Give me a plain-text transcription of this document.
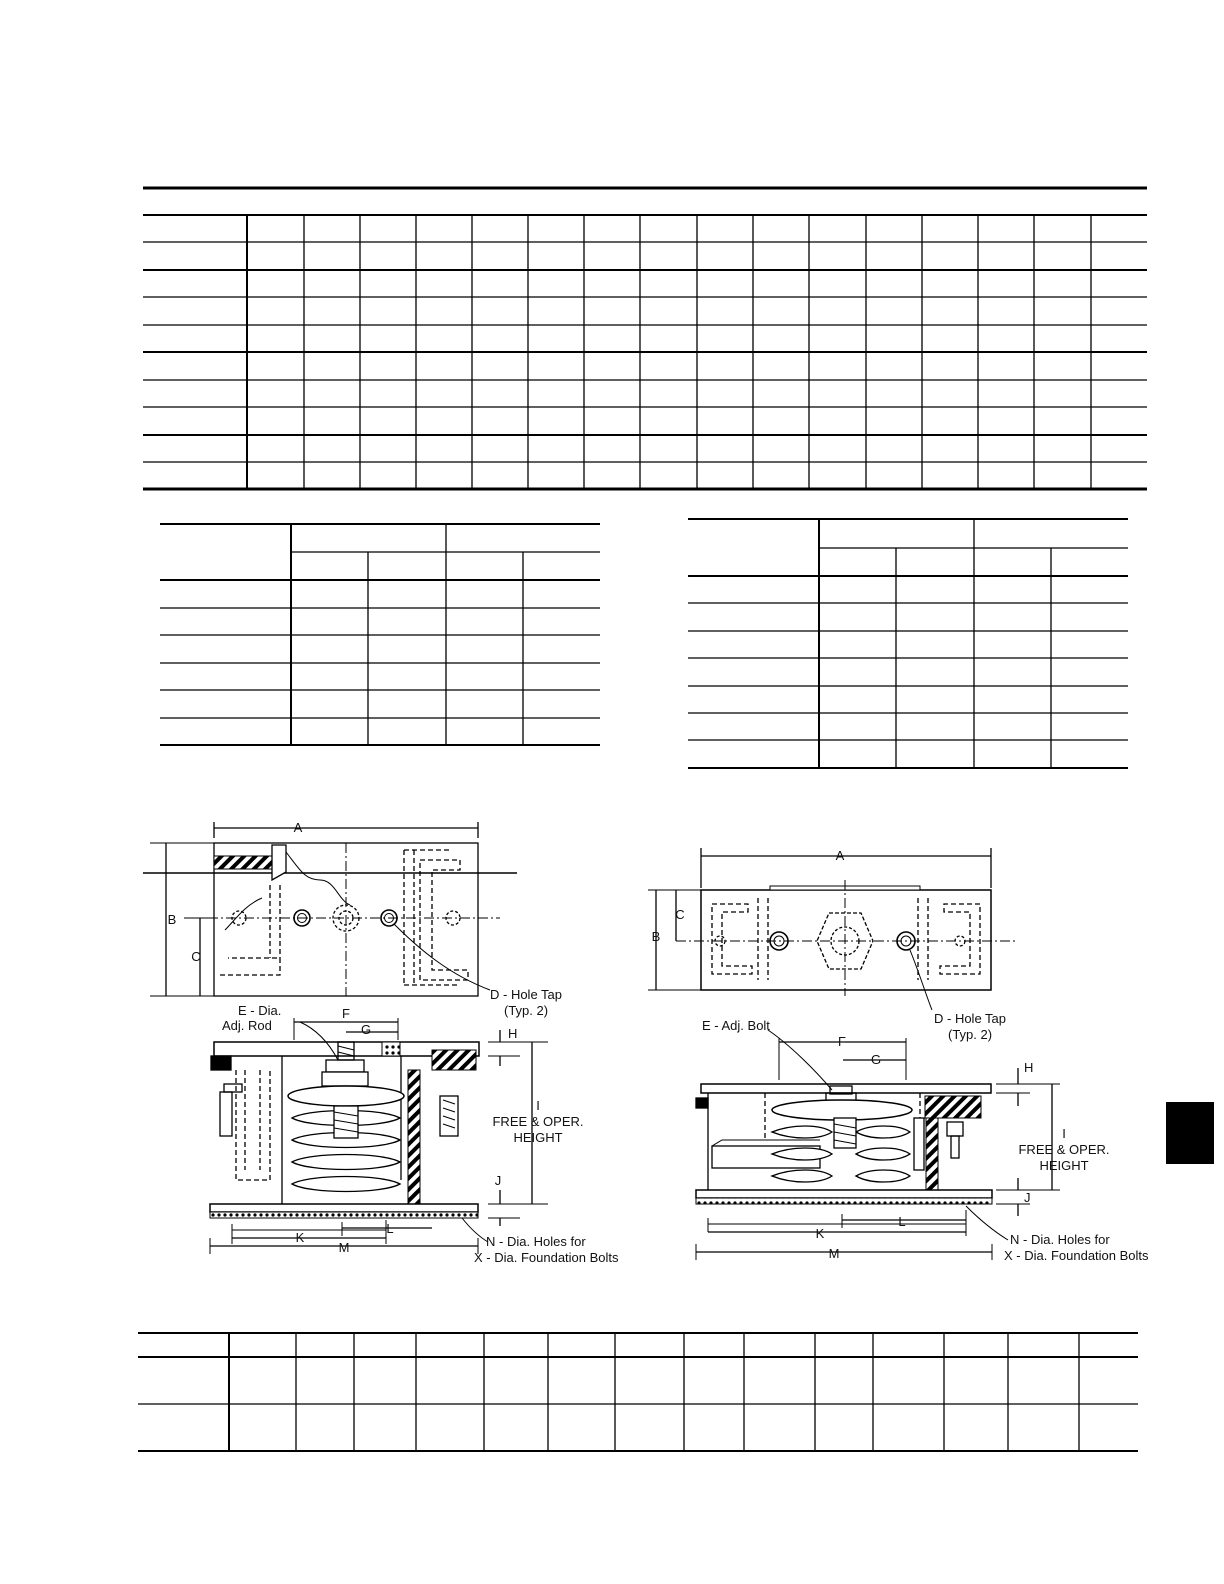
A
B
C
D - Hole Tap
(Typ. 2)
E - Dia.
Adj. Rod
F
G	H
I
FREE & OPER.
HEIGHT
J
K
L
M	N - Dia. Holes for
X - Dia. Foundation Bolts
A
C
B
D - Hole Tap
(Typ. 2)
E - Adj. Bolt
F
G
H
I
FREE & OPER.
HEIGHT
J
K
L
M
N - Dia. Holes for
X - Dia. Foundation Bolts
